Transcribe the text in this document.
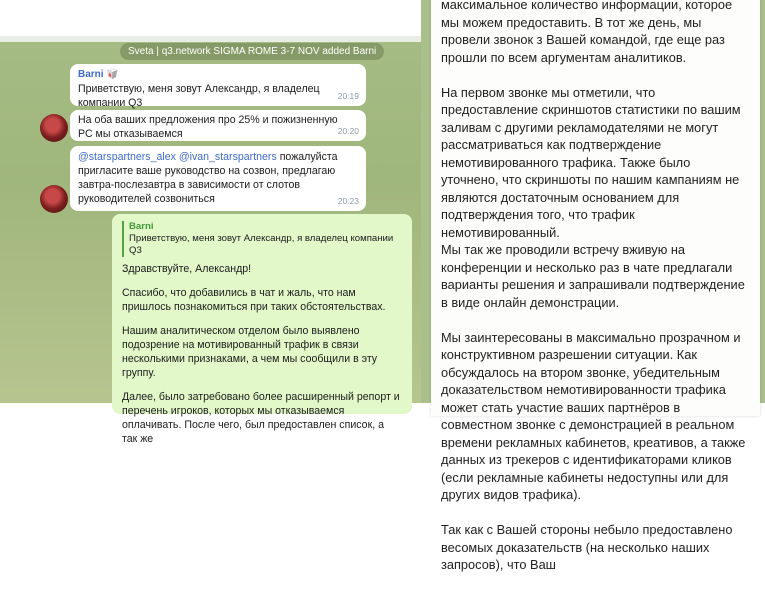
Sveta | q3.network SIGMA ROME 3-7 NOV added Barni
Barni 🥡
Приветствую, меня зовут Александр, я владелец компании Q3
20:19
На оба ваших предложения про 25% и пожизненную РС мы отказываемся	20:20
@starspartners_alex @ivan_starspartners пожалуйста пригласите ваше руководство на созвон, предлагаю завтра-послезавтра в зависимости от слотов руководителей созвониться	20:23
Barni
Приветствую, меня зовут Александр, я владелец компании Q3

Здравствуйте, Александр!

Спасибо, что добавились в чат и жаль, что нам пришлось познакомиться при таких обстоятельствах.

Нашим аналитическом отделом было выявлено подозрение на мотивированный трафик в связи несколькими признаками, а чем мы сообщили в эту группу.

Далее, было затребовано более расширенный репорт и перечень игроков, которых мы отказываемся оплачивать. После чего, был предоставлен список, а так же

максимальное количество информации, которое мы можем предоставить. В тот же день, мы провели звонок з Вашей командой, где еще раз прошли по всем аргументам аналитиков.

На первом звонке мы отметили, что предоставление скриншотов статистики по вашим заливам с другими рекламодателями не могут рассматриваться как подтверждение немотивированного трафика. Также было уточнено, что скриншоты по нашим кампаниям не являются достаточным основанием для подтверждения того, что трафик немотивированный.
Мы так же проводили встречу вживую на конференции и несколько раз в чате предлагали варианты решения и запрашивали подтверждение в виде онлайн демонстрации.

Мы заинтересованы в максимально прозрачном и конструктивном разрешении ситуации. Как обсуждалось на втором звонке, убедительным доказательством немотивированности трафика может стать участие ваших партнёров в совместном звонке с демонстрацией в реальном времени рекламных кабинетов, креативов, а также данных из трекеров с идентификаторами кликов (если рекламные кабинеты недоступны или для других видов трафика).

Так как с Вашей стороны небыло предоставлено весомых доказательств (на несколько наших запросов), что Ваш
